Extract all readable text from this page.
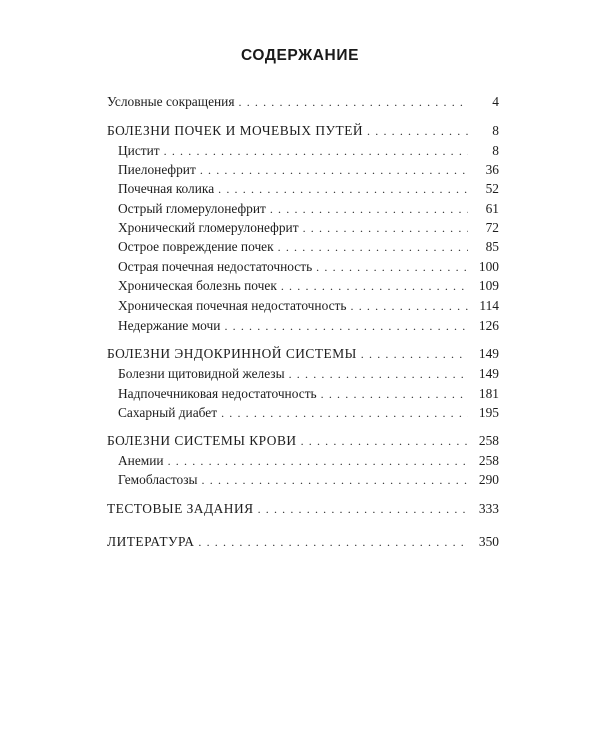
СОДЕРЖАНИЕ
Условные сокращения . . .	4
БОЛЕЗНИ ПОЧЕК И МОЧЕВЫХ ПУТЕЙ . . .	8
Цистит . . .	8
Пиелонефрит . . .	36
Почечная колика . . .	52
Острый гломерулонефрит . . .	61
Хронический гломерулонефрит . . .	72
Острое повреждение почек . . .	85
Острая почечная недостаточность . . .	100
Хроническая болезнь почек . . .	109
Хроническая почечная недостаточность . . .	114
Недержание мочи . . .	126
БОЛЕЗНИ ЭНДОКРИННОЙ СИСТЕМЫ . . .	149
Болезни щитовидной железы . . .	149
Надпочечниковая недостаточность . . .	181
Сахарный диабет . . .	195
БОЛЕЗНИ СИСТЕМЫ КРОВИ . . .	258
Анемии . . .	258
Гемобластозы . . .	290
ТЕСТОВЫЕ ЗАДАНИЯ . . .	333
ЛИТЕРАТУРА . . .	350
